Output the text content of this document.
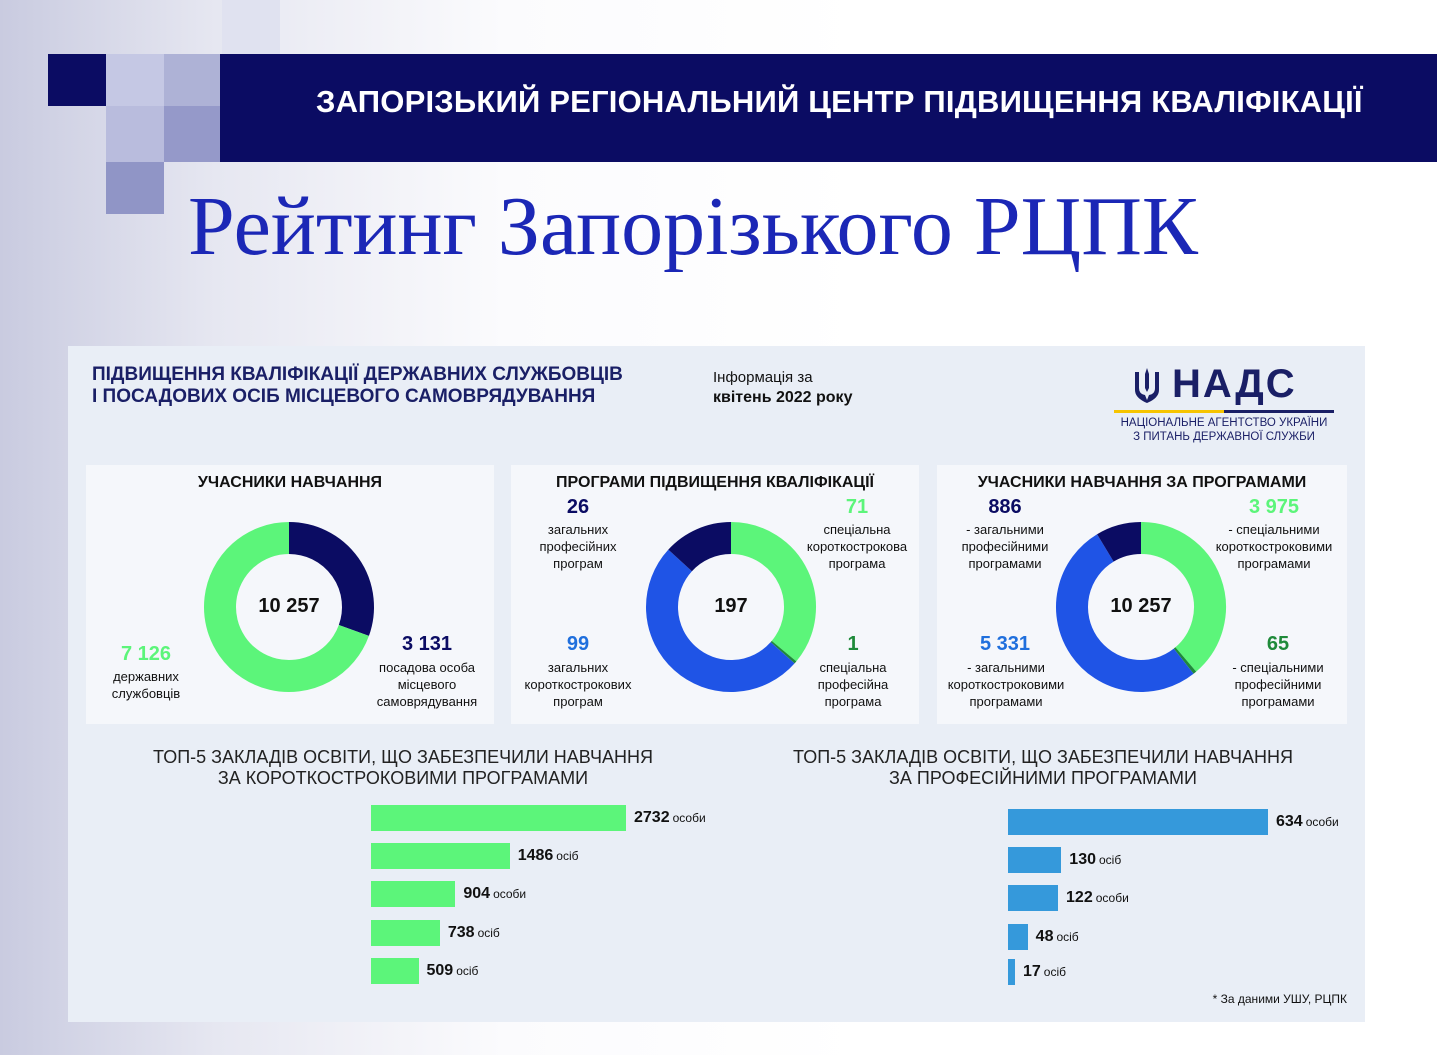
ЗАПОРІЗЬКИЙ РЕГІОНАЛЬНИЙ ЦЕНТР ПІДВИЩЕННЯ КВАЛІФІКАЦІЇ
Рейтинг Запорізького РЦПК
ПІДВИЩЕННЯ КВАЛІФІКАЦІЇ ДЕРЖАВНИХ СЛУЖБОВЦІВ
І ПОСАДОВИХ ОСІБ МІСЦЕВОГО САМОВРЯДУВАННЯ
Інформація за
квітень 2022 року	НАДС
НАЦІОНАЛЬНЕ АГЕНТСТВО УКРАЇНИ
З ПИТАНЬ ДЕРЖАВНОЇ СЛУЖБИ
УЧАСНИКИ НАВЧАННЯ
10 257
3 131
посадова особа
місцевого
самоврядування
7 126
державних
службовців
ПРОГРАМИ ПІДВИЩЕННЯ КВАЛІФІКАЦІЇ
197
71
спеціальна
короткострокова
програма
1
спеціальна
професійна
програма
99
загальних
короткострокових
програм
26
загальних
професійних
програм
УЧАСНИКИ НАВЧАННЯ ЗА ПРОГРАМАМИ
10 257
3 975
- спеціальними
короткостроковими
програмами
65
- спеціальними
професійними
програмами
5 331
- загальними
короткостроковими
програмами
886
- загальними
професійними
програмами
ТОП-5 ЗАКЛАДІВ ОСВІТИ, ЩО ЗАБЕЗПЕЧИЛИ НАВЧАННЯ
ЗА КОРОТКОСТРОКОВИМИ ПРОГРАМАМИ
2732 особи
1486 осіб
904 особи
738 осіб
509 осіб
ТОП-5 ЗАКЛАДІВ ОСВІТИ, ЩО ЗАБЕЗПЕЧИЛИ НАВЧАННЯ
ЗА ПРОФЕСІЙНИМИ ПРОГРАМАМИ
634 особи
130 осіб
122 особи
48 осіб
17 осіб
* За даними УШУ, РЦПК
